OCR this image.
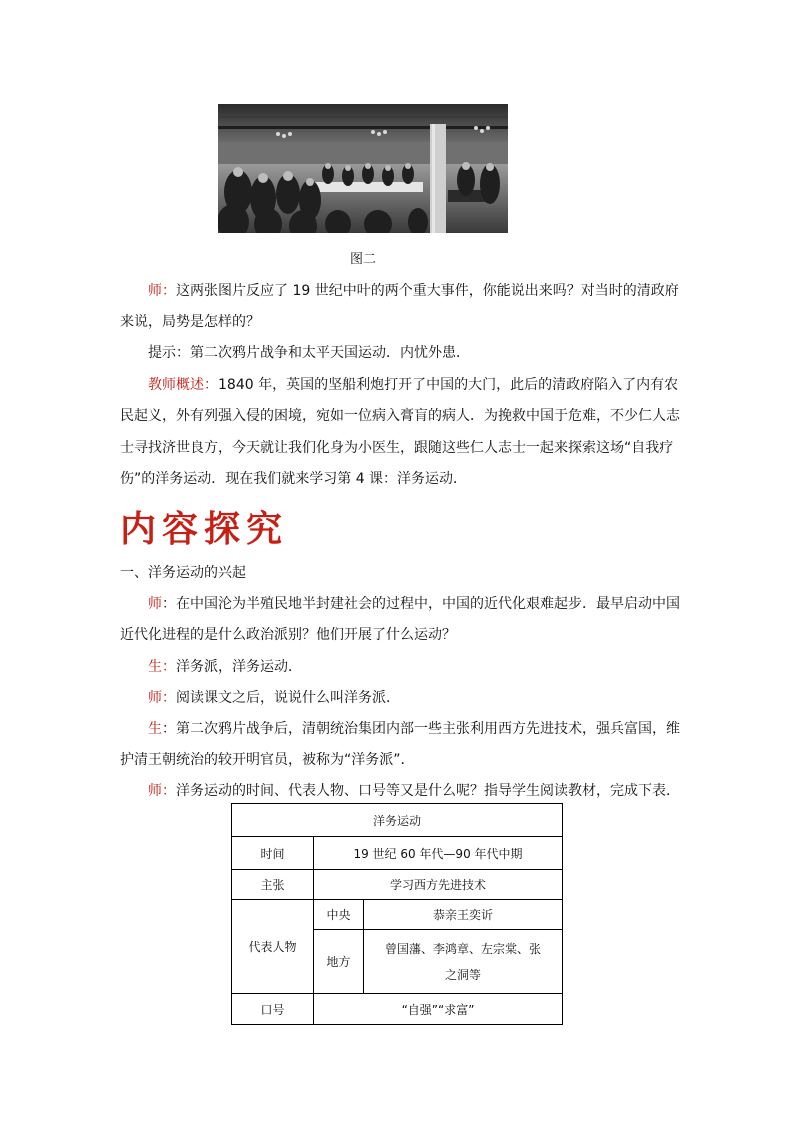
图二
师：这两张图片反应了 19 世纪中叶的两个重大事件，你能说出来吗？对当时的清政府
来说，局势是怎样的？
提示：第二次鸦片战争和太平天国运动．内忧外患．
教师概述：1840 年，英国的坚船利炮打开了中国的大门，此后的清政府陷入了内有农
民起义，外有列强入侵的困境，宛如一位病入膏肓的病人．为挽救中国于危难，不少仁人志
士寻找济世良方，今天就让我们化身为小医生，跟随这些仁人志士一起来探索这场“自我疗
伤”的洋务运动．现在我们就来学习第 4 课：洋务运动．
内容探究
一、洋务运动的兴起
师：在中国沦为半殖民地半封建社会的过程中，中国的近代化艰难起步．最早启动中国
近代化进程的是什么政治派别？他们开展了什么运动？
生：洋务派，洋务运动．
师：阅读课文之后，说说什么叫洋务派．
生：第二次鸦片战争后，清朝统治集团内部一些主张利用西方先进技术，强兵富国，维
护清王朝统治的较开明官员，被称为“洋务派”．
师：洋务运动的时间、代表人物、口号等又是什么呢？指导学生阅读教材，完成下表．
洋务运动		
时间	19 世纪 60 年代—90 年代中期	
主张	学习西方先进技术	
代表人物	中央	恭亲王奕䜣
	地方	曾国藩、李鸿章、左宗棠、张
之洞等

口号	“自强”“求富”	
